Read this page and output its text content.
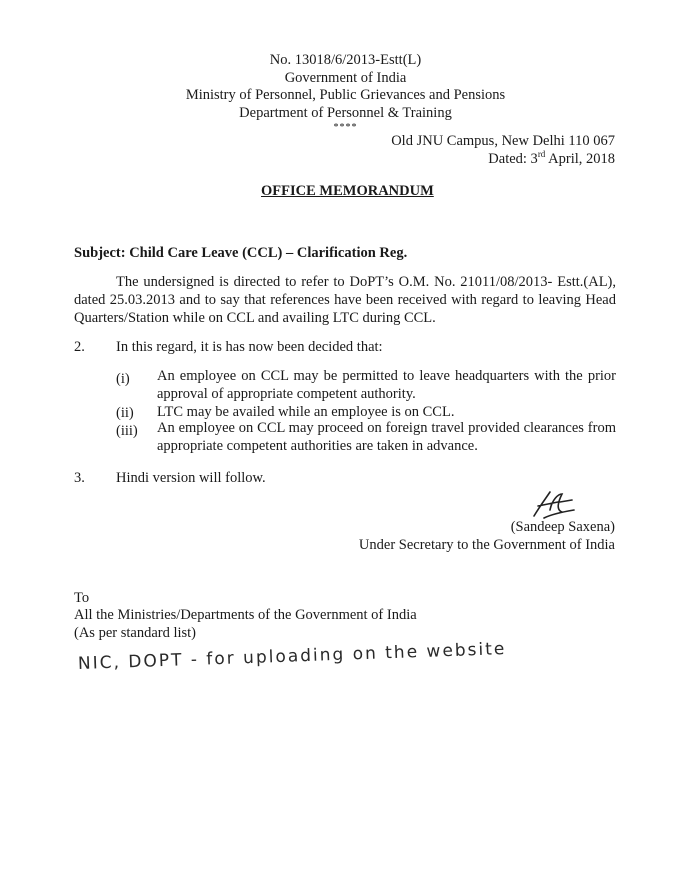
No. 13018/6/2013-Estt(L)
Government of India
Ministry of Personnel, Public Grievances and Pensions
Department of Personnel & Training
****
Old JNU Campus, New Delhi 110 067
Dated: 3rd April, 2018
OFFICE MEMORANDUM
Subject: Child Care Leave (CCL) – Clarification Reg.
The undersigned is directed to refer to DoPT’s O.M. No. 21011/08/2013- Estt.(AL), dated 25.03.2013 and to say that references have been received with regard to leaving Head Quarters/Station while on CCL and availing LTC during CCL.
2. In this regard, it is has now been decided that:
(i) An employee on CCL may be permitted to leave headquarters with the prior approval of appropriate competent authority.
(ii) LTC may be availed while an employee is on CCL.
(iii) An employee on CCL may proceed on foreign travel provided clearances from appropriate competent authorities are taken in advance.
3. Hindi version will follow.
(Sandeep Saxena)
Under Secretary to the Government of India
To
All the Ministries/Departments of the Government of India
(As per standard list)
NIC, DOPT - for uploading on the website
